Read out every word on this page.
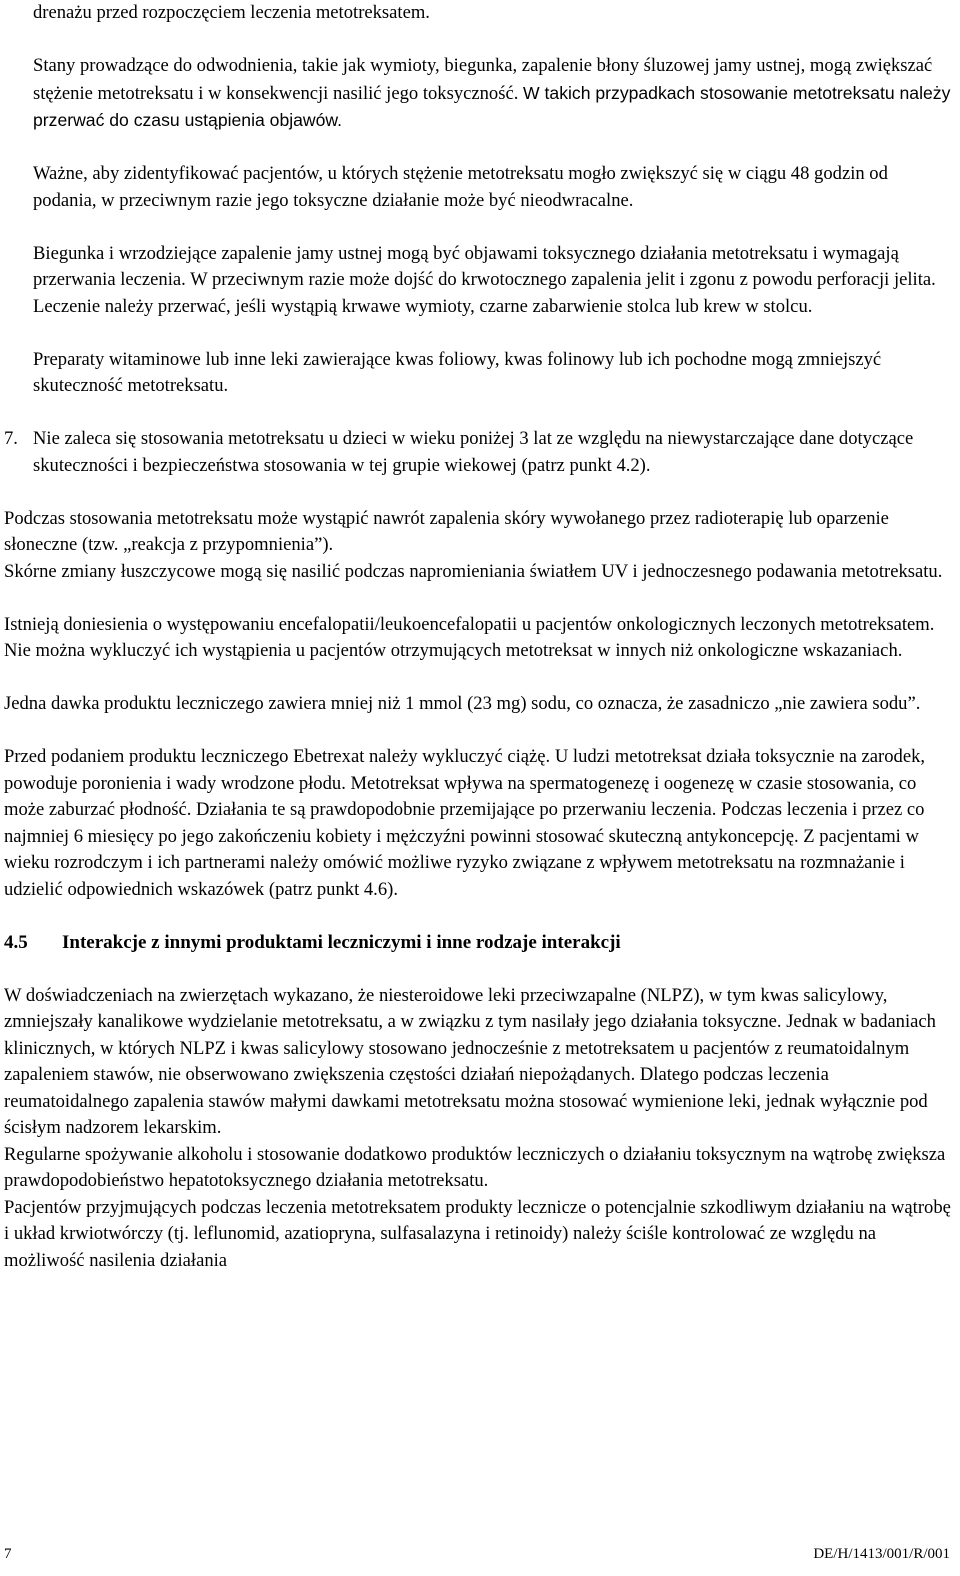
drenażu przed rozpoczęciem leczenia metotreksatem.

Stany prowadzące do odwodnienia, takie jak wymioty, biegunka, zapalenie błony śluzowej jamy ustnej, mogą zwiększać stężenie metotreksatu i w konsekwencji nasilić jego toksyczność. W takich przypadkach stosowanie metotreksatu należy przerwać do czasu ustąpienia objawów.

Ważne, aby zidentyfikować pacjentów, u których stężenie metotreksatu mogło zwiększyć się w ciągu 48 godzin od podania, w przeciwnym razie jego toksyczne działanie może być nieodwracalne.

Biegunka i wrzodziejące zapalenie jamy ustnej mogą być objawami toksycznego działania metotreksatu i wymagają przerwania leczenia. W przeciwnym razie może dojść do krwotocznego zapalenia jelit i zgonu z powodu perforacji jelita.

Leczenie należy przerwać, jeśli wystąpią krwawe wymioty, czarne zabarwienie stolca lub krew w stolcu.

Preparaty witaminowe lub inne leki zawierające kwas foliowy, kwas folinowy lub ich pochodne mogą zmniejszyć skuteczność metotreksatu.

7. Nie zaleca się stosowania metotreksatu u dzieci w wieku poniżej 3 lat ze względu na niewystarczające dane dotyczące skuteczności i bezpieczeństwa stosowania w tej grupie wiekowej (patrz punkt 4.2).

Podczas stosowania metotreksatu może wystąpić nawrót zapalenia skóry wywołanego przez radioterapię lub oparzenie słoneczne (tzw. „reakcja z przypomnienia”).

Skórne zmiany łuszczycowe mogą się nasilić podczas napromieniania światłem UV i jednoczesnego podawania metotreksatu.

Istnieją doniesienia o występowaniu encefalopatii/leukoencefalopatii u pacjentów onkologicznych leczonych metotreksatem. Nie można wykluczyć ich wystąpienia u pacjentów otrzymujących metotreksat w innych niż onkologiczne wskazaniach.

Jedna dawka produktu leczniczego zawiera mniej niż 1 mmol (23 mg) sodu, co oznacza, że zasadniczo „nie zawiera sodu”.

Przed podaniem produktu leczniczego Ebetrexat należy wykluczyć ciążę. U ludzi metotreksat działa toksycznie na zarodek, powoduje poronienia i wady wrodzone płodu. Metotreksat wpływa na spermatogenezę i oogenezę w czasie stosowania, co może zaburzać płodność. Działania te są prawdopodobnie przemijające po przerwaniu leczenia. Podczas leczenia i przez co najmniej 6 miesięcy po jego zakończeniu kobiety i mężczyźni powinni stosować skuteczną antykoncepcję. Z pacjentami w wieku rozrodczym i ich partnerami należy omówić możliwe ryzyko związane z wpływem metotreksatu na rozmnażanie i udzielić odpowiednich wskazówek (patrz punkt 4.6).

4.5	Interakcje z innymi produktami leczniczymi i inne rodzaje interakcji

W doświadczeniach na zwierzętach wykazano, że niesteroidowe leki przeciwzapalne (NLPZ), w tym kwas salicylowy, zmniejszały kanalikowe wydzielanie metotreksatu, a w związku z tym nasilały jego działania toksyczne. Jednak w badaniach klinicznych, w których NLPZ i kwas salicylowy stosowano jednocześnie z metotreksatem u pacjentów z reumatoidalnym zapaleniem stawów, nie obserwowano zwiększenia częstości działań niepożądanych. Dlatego podczas leczenia reumatoidalnego zapalenia stawów małymi dawkami metotreksatu można stosować wymienione leki, jednak wyłącznie pod ścisłym nadzorem lekarskim.

Regularne spożywanie alkoholu i stosowanie dodatkowo produktów leczniczych o działaniu toksycznym na wątrobę zwiększa prawdopodobieństwo hepatotoksycznego działania metotreksatu.

Pacjentów przyjmujących podczas leczenia metotreksatem produkty lecznicze o potencjalnie szkodliwym działaniu na wątrobę i układ krwiotwórczy (tj. leflunomid, azatiopryna, sulfasalazyna i retinoidy) należy ściśle kontrolować ze względu na możliwość nasilenia działania

7	DE/H/1413/001/R/001
